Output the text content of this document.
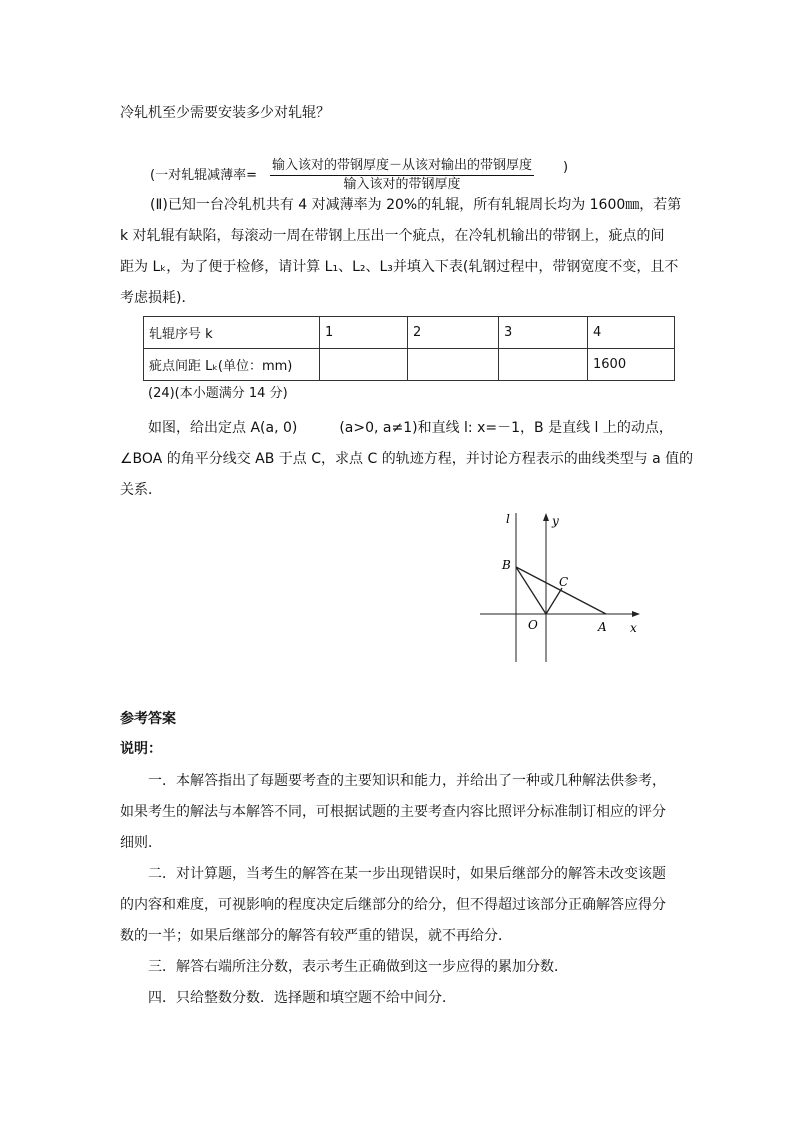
冷轧机至少需要安装多少对轧辊？
(一对轧辊减薄率=
输入该对的带钢厚度－从该对输出的带钢厚度
输入该对的带钢厚度
)
(Ⅱ)已知一台冷轧机共有 4 对减薄率为 20%的轧辊，所有轧辊周长均为 1600㎜，若第
k 对轧辊有缺陷，每滚动一周在带钢上压出一个疵点，在冷轧机输出的带钢上，疵点的间
距为 Lₖ，为了便于检修，请计算 L₁、L₂、L₃并填入下表(轧钢过程中，带钢宽度不变，且不
考虑损耗)．
轧辊序号 k	1	2	3	4
疵点间距 Lₖ(单位：mm)				1600
(24)(本小题满分 14 分)
如图，给出定点 A(a, 0)　　　(a>0, a≠1)和直线 l: x=－1，B 是直线 l 上的动点，
∠BOA 的角平分线交 AB 于点 C，求点 C 的轨迹方程，并讨论方程表示的曲线类型与 a 值的
关系．
l	y
x
B
C
O	A
参考答案
说明：
一．本解答指出了每题要考查的主要知识和能力，并给出了一种或几种解法供参考，
如果考生的解法与本解答不同，可根据试题的主要考查内容比照评分标准制订相应的评分
细则．
二．对计算题，当考生的解答在某一步出现错误时，如果后继部分的解答未改变该题
的内容和难度，可视影响的程度决定后继部分的给分，但不得超过该部分正确解答应得分
数的一半；如果后继部分的解答有较严重的错误，就不再给分．
三．解答右端所注分数，表示考生正确做到这一步应得的累加分数．
四．只给整数分数．选择题和填空题不给中间分．
